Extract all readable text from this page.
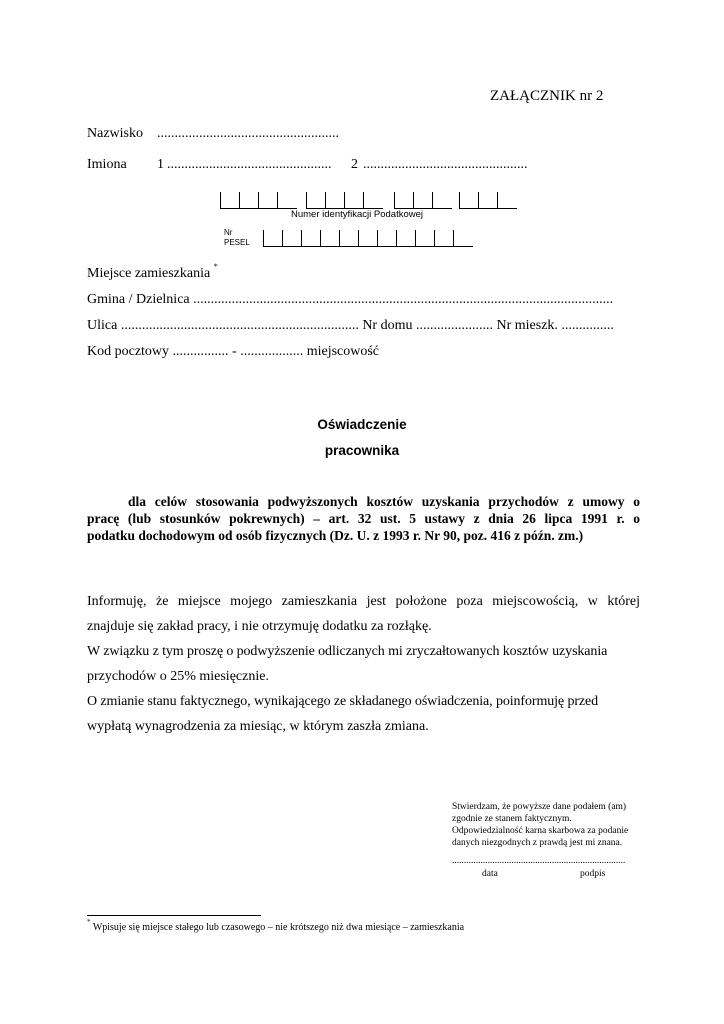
ZAŁĄCZNIK nr 2
Nazwisko ....................................................
Imiona 1 ............................................... 2 ...............................................
Numer identyfikacji Podatkowej
Nr
PESEL
Miejsce zamieszkania *
Gmina / Dzielnica ........................................................................................................................
Ulica .................................................................... Nr domu ...................... Nr mieszk. ...............
Kod pocztowy ................ - .................. miejscowość
Oświadczenie
pracownika
dla celów stosowania podwyższonych kosztów uzyskania przychodów z umowy o
pracę (lub stosunków pokrewnych) – art. 32 ust. 5 ustawy z dnia 26 lipca 1991 r. o
podatku dochodowym od osób fizycznych (Dz. U. z 1993 r. Nr 90, poz. 416 z późn. zm.)
Informuję, że miejsce mojego zamieszkania jest położone poza miejscowością, w której
znajduje się zakład pracy, i nie otrzymuję dodatku za rozłąkę.
W związku z tym proszę o podwyższenie odliczanych mi zryczałtowanych kosztów uzyskania
przychodów o 25% miesięcznie.
O zmianie stanu faktycznego, wynikającego ze składanego oświadczenia, poinformuję przed
wypłatą wynagrodzenia za miesiąc, w którym zaszła zmiana.
Stwierdzam, że powyższe dane podałem (am)
zgodnie ze stanem faktycznym.
Odpowiedzialność karna skarbowa za podanie
danych niezgodnych z prawdą jest mi znana.
.........................................................................
data	podpis
* Wpisuje się miejsce stałego lub czasowego – nie krótszego niż dwa miesiące – zamieszkania
